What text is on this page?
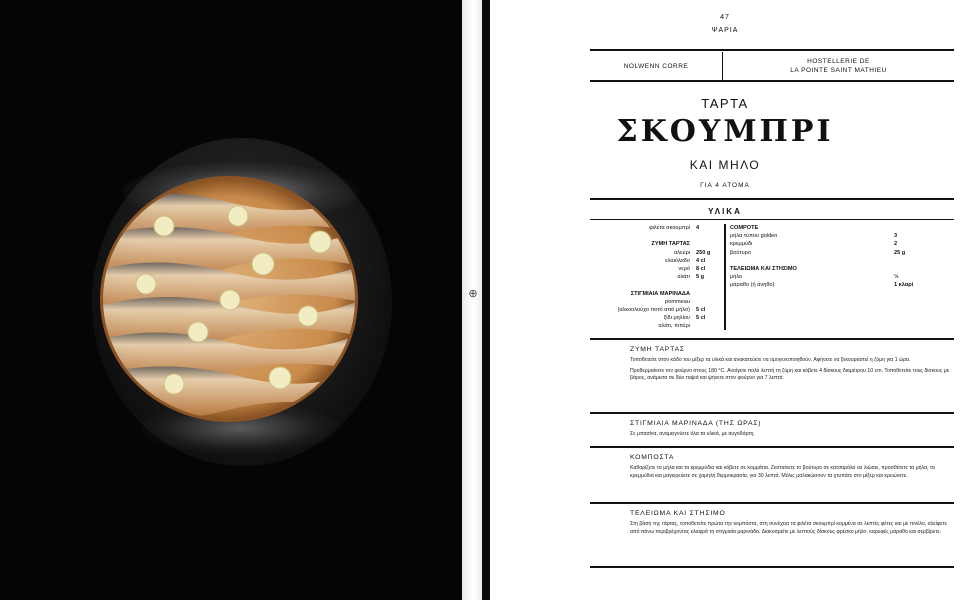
⊕
47
ΨΑΡΙΑ
NOLWENN CORRE
HOSTELLERIE DE
LA POINTE SAINT MATHIEU
ΤΑΡΤΑ
ΣΚΟΥΜΠΡΙ
ΚΑΙ ΜΗΛΟ
ΓΙΑ 4 ΑΤΟΜΑ
ΥΛΙΚΑ
φιλέτα σκουμπρί	4
ΖΥΜΗ ΤΑΡΤΑΣ
αλεύρι	250 g
ελαιόλαδο	4 cl
νερό	8 cl
αλάτι	5 g
ΣΤΙΓΜΙΑΙΑ ΜΑΡΙΝΑΔΑ
pommeau
(αλκοολούχο ποτό από μήλο)	5 cl
ξίδι μηλίου	5 cl
αλάτι, πιπέρι
COMPOTE
μήλα τύπου golden	3
κρεμμύδι	2
βούτυρο	25 g
ΤΕΛΕΙΩΜΑ ΚΑΙ ΣΤΗΣΙΜΟ
μήλο	½
μάραθο (ή άνηθο)	1 κλαρί
ΖΥΜΗ ΤΑΡΤΑΣ

Τοποθετείτε στον κάδο του μίξερ τα υλικά και ανακατεύετε να ομογενοποιηθούν. Αφήνετε να ξεκουραστεί η ζύμη για 1 ώρα.

Προθερμαίνετε τον φούρνο στους 180 °C. Ανοίγετε πολύ λεπτή τη ζύμη και κόβετε 4 δίσκους διαμέτρου 10 cm. Τοποθετείτε τους δίσκους με βάρος, ανάμεσα σε δύο ταψιά και ψήνετε στον φούρνο για 7 λεπτά.

ΣΤΙΓΜΙΑΙΑ ΜΑΡΙΝΑΔΑ (ΤΗΣ ΩΡΑΣ)

Σε μπασίνα, αναμειγνύετε όλα τα υλικά, με αυγοδάρτη.

ΚΟΜΠΟΣΤΑ

Καθαρίζετε τα μήλα και τα κρεμμύδια και κόβετε σε κομμάτια. Ζεσταίνετε το βούτυρο σε κατσαρόλα να λιώσει, προσθέτετε τα μήλα, τα κρεμμύδια και μαγειρεύετε σε χαμηλή θερμοκρασία, για 30 λεπτά. Μόλις μαλακώσουν τα χτυπάτε στο μίξερ και κρυώνετε.

ΤΕΛΕΙΩΜΑ ΚΑΙ ΣΤΗΣΙΜΟ

Στη βάση της τάρτας, τοποθετείτε πρώτα την κομπόστα, στη συνέχεια τα φιλέτα σκουμπρί κομμένα σε λεπτές φέτες και με πινέλο, αλείφετε από πάνω περιβρέχοντας ελαφρά τη στιγμιαία μαρινάδα. Διακοσμείτε με λεπτούς δίσκους φρέσκο μήλο, καρυφές μάραθο και σερβίρετε.
